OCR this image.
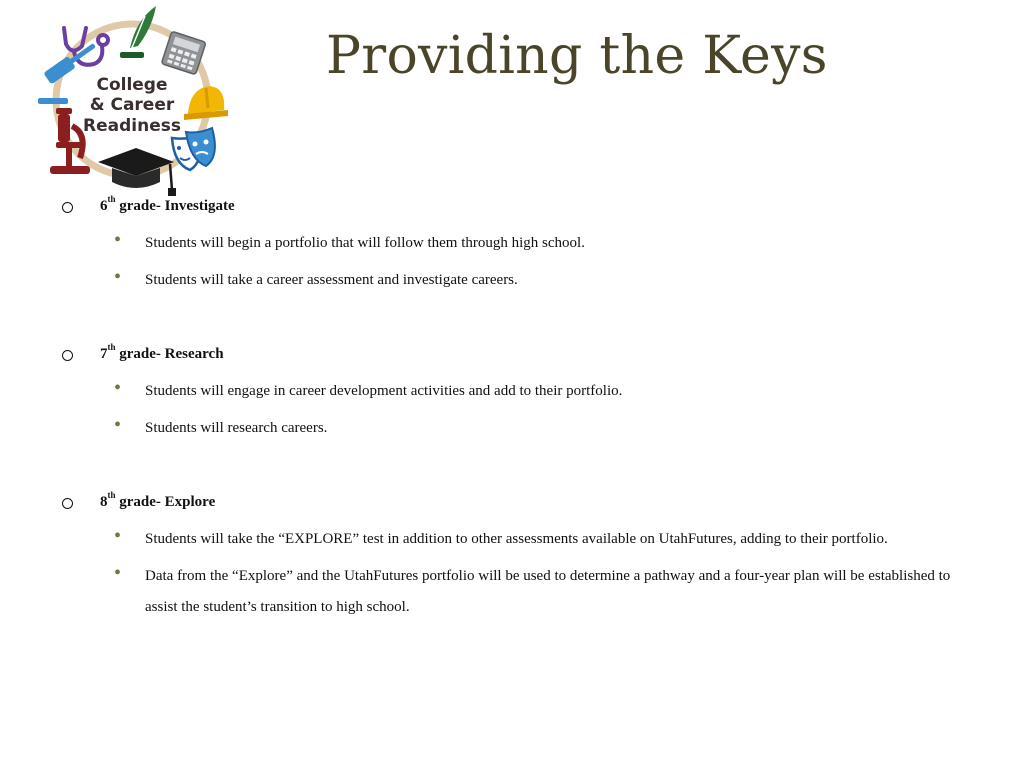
College
& Career
Readiness
Providing the Keys
6th grade- Investigate
• Students will begin a portfolio that will follow them through high school.
• Students will take a career assessment and investigate careers.
7th grade- Research
• Students will engage in career development activities and add to their portfolio.
• Students will research careers.
8th grade- Explore
• Students will take the “EXPLORE” test in addition to other assessments available on UtahFutures, adding to their portfolio.
• Data from the “Explore” and the UtahFutures portfolio will be used to determine a pathway and a four-year plan will be established to assist the student’s transition to high school.
